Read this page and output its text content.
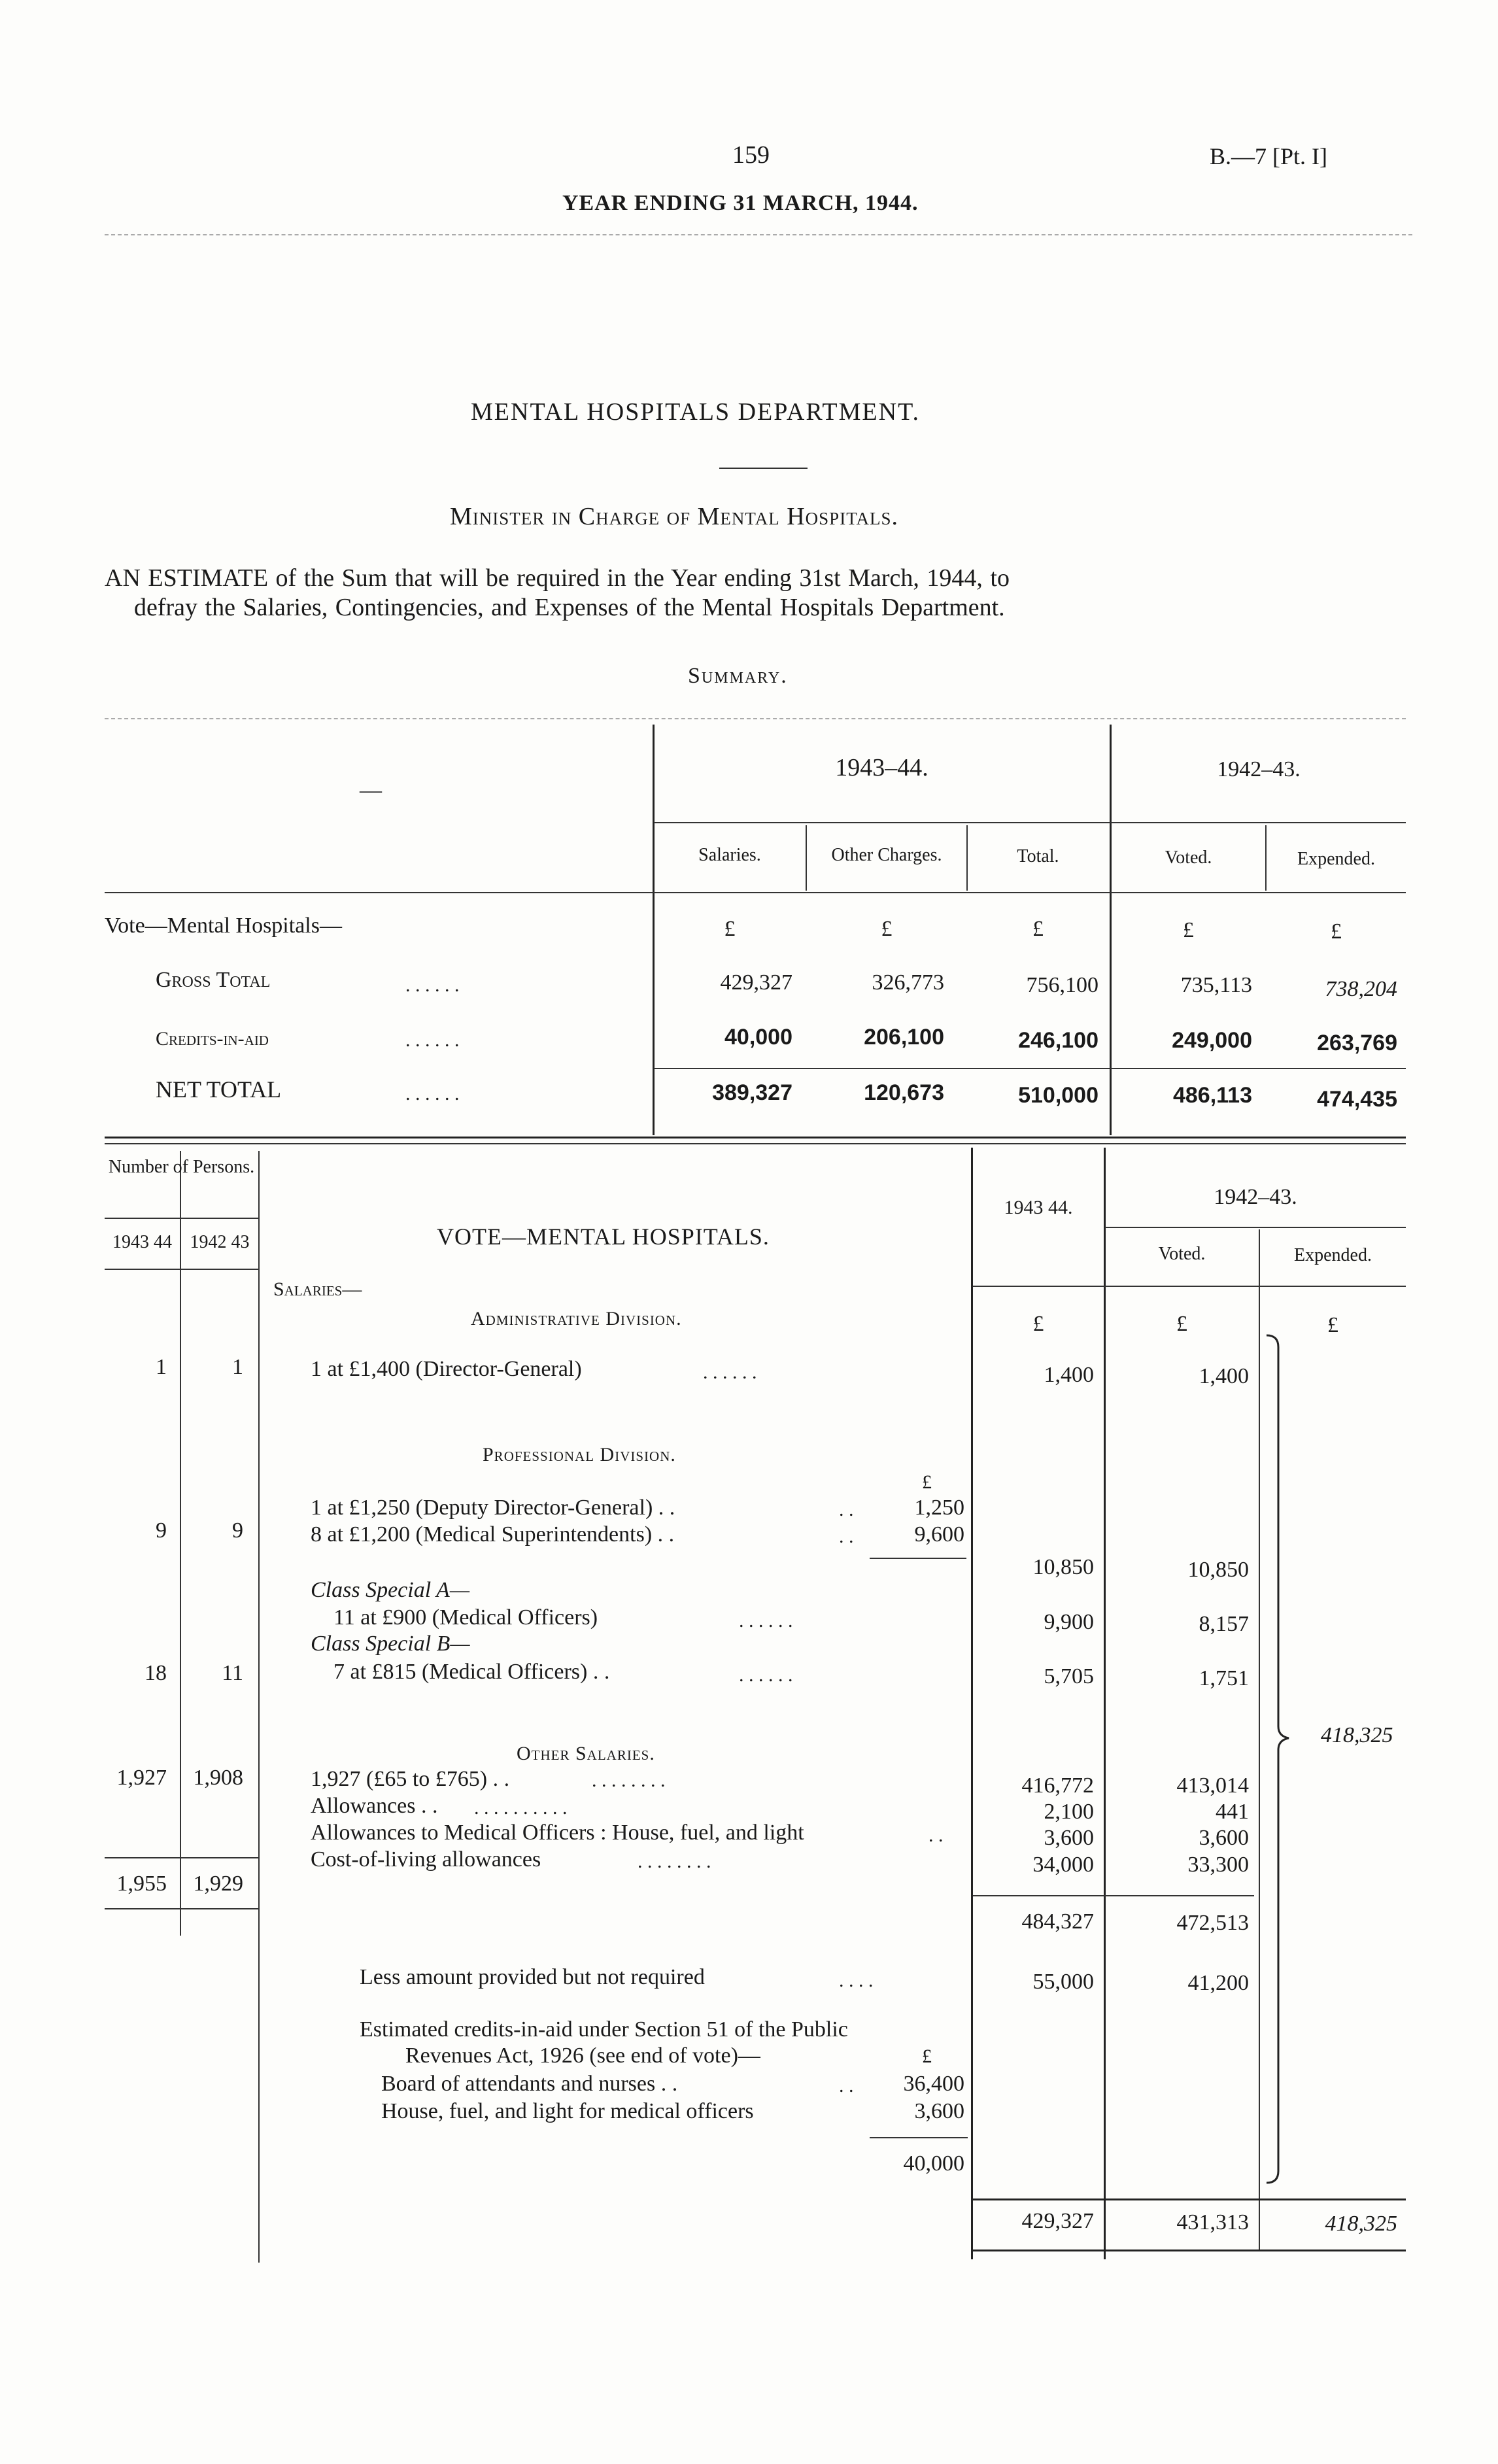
159	B.—7 [Pt. I]
YEAR ENDING 31 MARCH, 1944.
MENTAL HOSPITALS DEPARTMENT.
Minister in Charge of Mental Hospitals.
AN ESTIMATE of the Sum that will be required in the Year ending 31st March, 1944, to
defray the Salaries, Contingencies, and Expenses of the Mental Hospitals Department.
Summary.
—
1943–44.	1942–43.
Salaries.	Other Charges.	Total.	Voted.	Expended.
Vote—Mental Hospitals—	£	£	£	£	£
Gross Total	. . . . . .	429,327	326,773	756,100	735,113	738,204
Credits-in-aid	. . . . . .	40,000	206,100	246,100	249,000	263,769
NET TOTAL	. . . . . .	389,327	120,673	510,000	486,113	474,435
Number of Persons.
1943 44 1942 43	VOTE—MENTAL HOSPITALS.
1943 44.	1942–43.
Voted.	Expended.
Salaries—
Administrative Division.	£	£	£
1	1	1 at £1,400 (Director-General)	. . . . . .	1,400	1,400
Professional Division.
£
9	9
1 at £1,250 (Deputy Director-General) . .	. .	1,250
8 at £1,200 (Medical Superintendents) . .	. .	9,600
10,850	10,850
Class Special A—
11 at £900 (Medical Officers)	. . . . . .	9,900	8,157
Class Special B—
18	11	7 at £815 (Medical Officers) . .	. . . . . .	5,705	1,751
418,325
Other Salaries.
1,927	1,908	1,927 (£65 to £765) . .	. . . . . . . .	416,772	413,014
Allowances . . . . . . . . . . . .	2,100	441
Allowances to Medical Officers : House, fuel, and light	. .	3,600	3,600
Cost-of-living allowances	. . . . . . . .	34,000	33,300
1,955	1,929
484,327	472,513
Less amount provided but not required	. . . .	55,000	41,200
Estimated credits-in-aid under Section 51 of the Public
Revenues Act, 1926 (see end of vote)—	£
Board of attendants and nurses . .	. .	36,400
House, fuel, and light for medical officers	3,600
40,000
429,327	431,313	418,325
